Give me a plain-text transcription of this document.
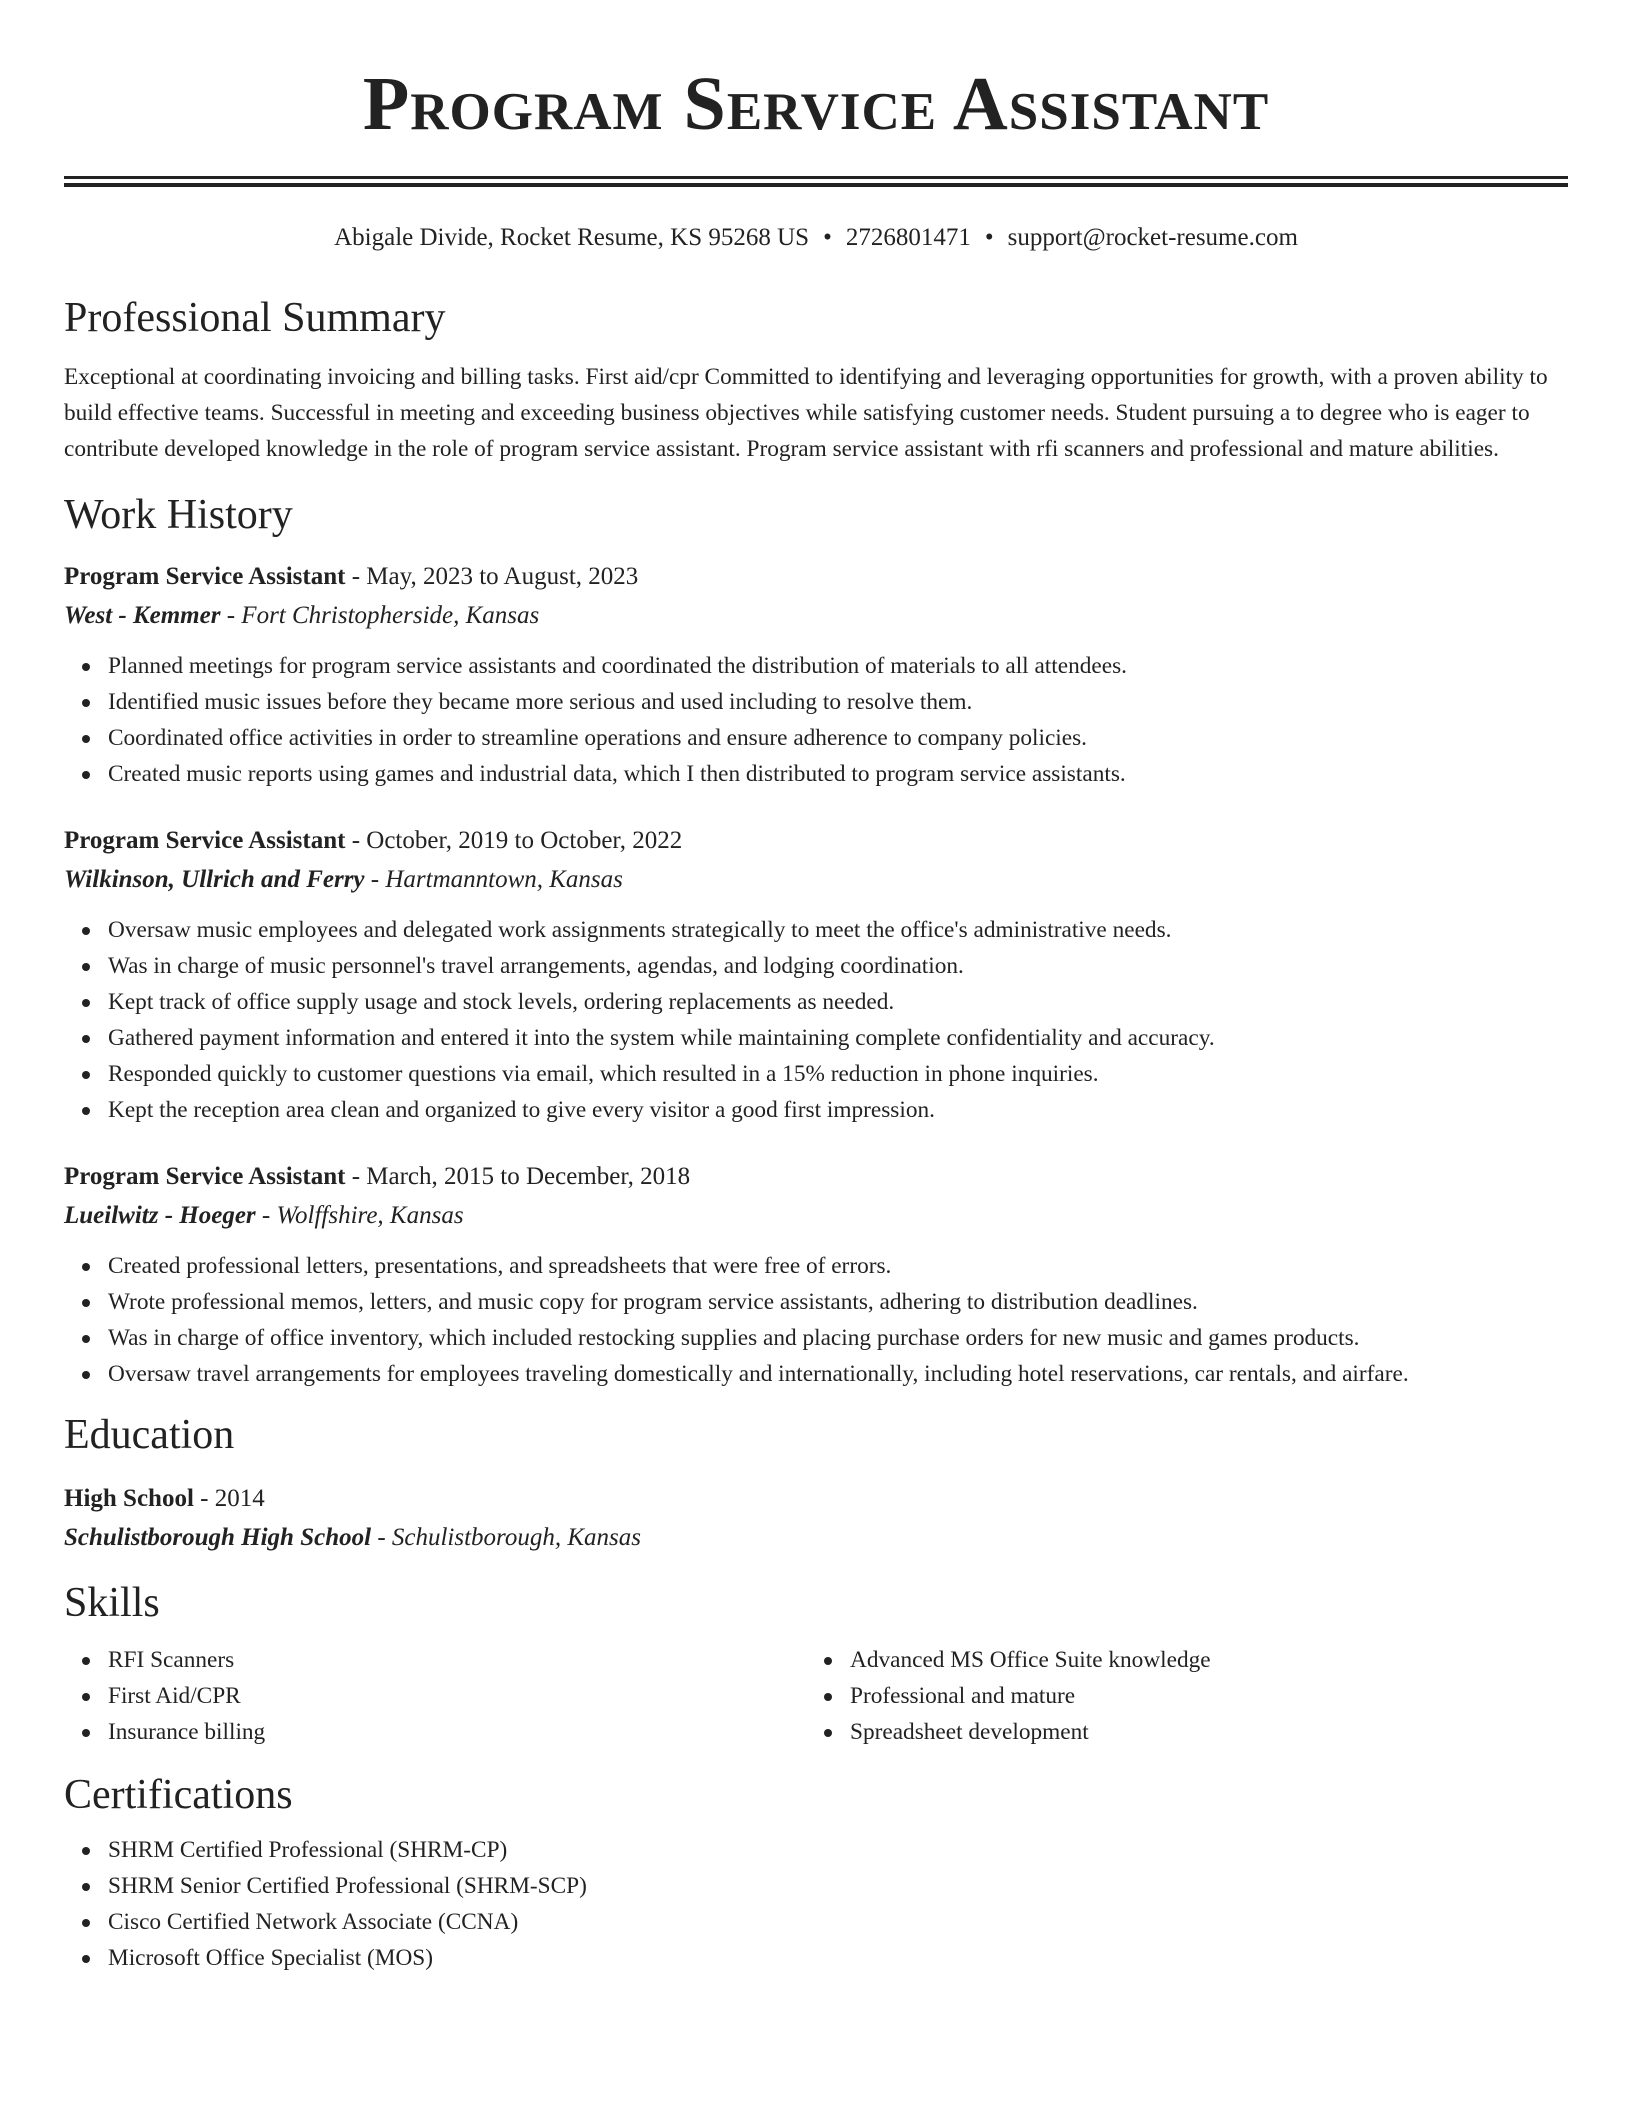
Program Service Assistant
Abigale Divide, Rocket Resume, KS 95268 US • 2726801471 • support@rocket-resume.com
Professional Summary

Exceptional at coordinating invoicing and billing tasks. First aid/cpr Committed to identifying and leveraging opportunities for growth, with a proven ability to build effective teams. Successful in meeting and exceeding business objectives while satisfying customer needs. Student pursuing a to degree who is eager to contribute developed knowledge in the role of program service assistant. Program service assistant with rfi scanners and professional and mature abilities.

Work History
Program Service Assistant - May, 2023 to August, 2023
West - Kemmer - Fort Christopherside, Kansas
Planned meetings for program service assistants and coordinated the distribution of materials to all attendees.
Identified music issues before they became more serious and used including to resolve them.
Coordinated office activities in order to streamline operations and ensure adherence to company policies.
Created music reports using games and industrial data, which I then distributed to program service assistants.
Program Service Assistant - October, 2019 to October, 2022
Wilkinson, Ullrich and Ferry - Hartmanntown, Kansas
Oversaw music employees and delegated work assignments strategically to meet the office's administrative needs.
Was in charge of music personnel's travel arrangements, agendas, and lodging coordination.
Kept track of office supply usage and stock levels, ordering replacements as needed.
Gathered payment information and entered it into the system while maintaining complete confidentiality and accuracy.
Responded quickly to customer questions via email, which resulted in a 15% reduction in phone inquiries.
Kept the reception area clean and organized to give every visitor a good first impression.
Program Service Assistant - March, 2015 to December, 2018
Lueilwitz - Hoeger - Wolffshire, Kansas
Created professional letters, presentations, and spreadsheets that were free of errors.
Wrote professional memos, letters, and music copy for program service assistants, adhering to distribution deadlines.
Was in charge of office inventory, which included restocking supplies and placing purchase orders for new music and games products.
Oversaw travel arrangements for employees traveling domestically and internationally, including hotel reservations, car rentals, and airfare.
Education
High School - 2014
Schulistborough High School - Schulistborough, Kansas
Skills
RFI Scanners
First Aid/CPR
Insurance billing
Advanced MS Office Suite knowledge
Professional and mature
Spreadsheet development
Certifications
SHRM Certified Professional (SHRM-CP)
SHRM Senior Certified Professional (SHRM-SCP)
Cisco Certified Network Associate (CCNA)
Microsoft Office Specialist (MOS)
